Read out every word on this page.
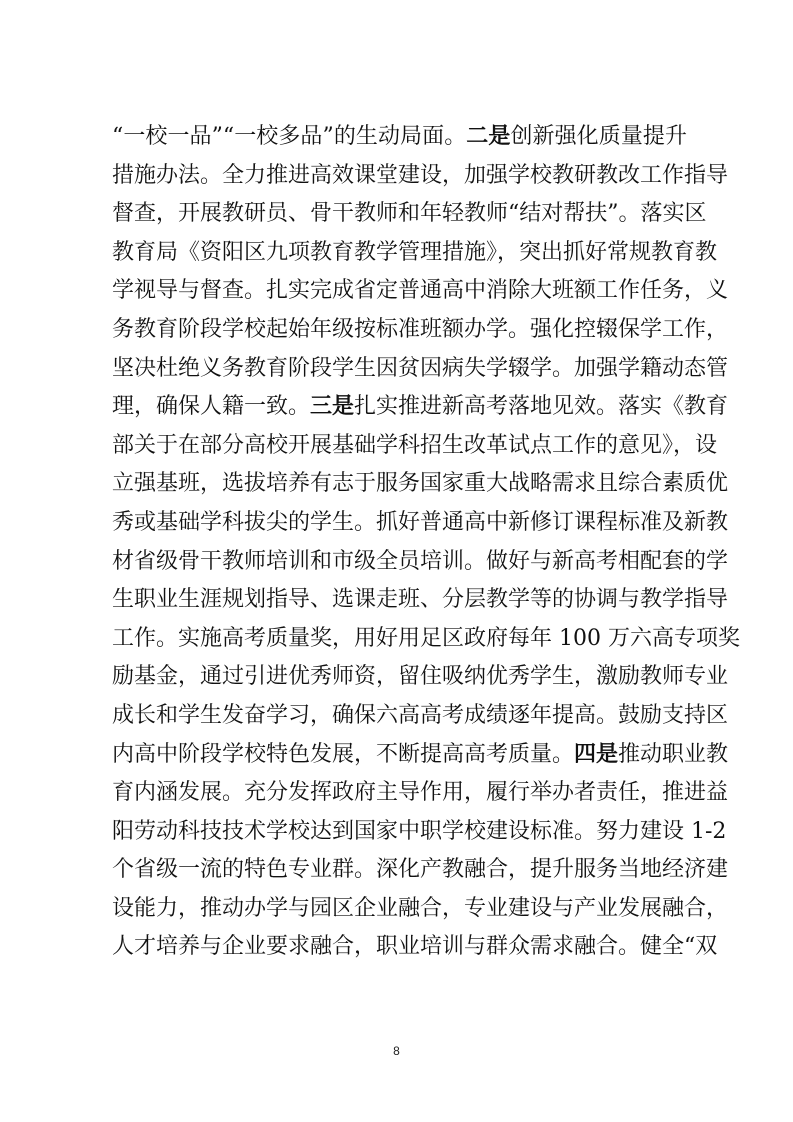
“一校一品”“一校多品”的生动局面。二是创新强化质量提升
措施办法。全力推进高效课堂建设，加强学校教研教改工作指导
督查，开展教研员、骨干教师和年轻教师“结对帮扶”。落实区
教育局《资阳区九项教育教学管理措施》，突出抓好常规教育教
学视导与督查。扎实完成省定普通高中消除大班额工作任务，义
务教育阶段学校起始年级按标准班额办学。强化控辍保学工作，
坚决杜绝义务教育阶段学生因贫因病失学辍学。加强学籍动态管
理，确保人籍一致。三是扎实推进新高考落地见效。落实《教育
部关于在部分高校开展基础学科招生改革试点工作的意见》，设
立强基班，选拔培养有志于服务国家重大战略需求且综合素质优
秀或基础学科拔尖的学生。抓好普通高中新修订课程标准及新教
材省级骨干教师培训和市级全员培训。做好与新高考相配套的学
生职业生涯规划指导、选课走班、分层教学等的协调与教学指导
工作。实施高考质量奖，用好用足区政府每年 100 万六高专项奖
励基金，通过引进优秀师资，留住吸纳优秀学生，激励教师专业
成长和学生发奋学习，确保六高高考成绩逐年提高。鼓励支持区
内高中阶段学校特色发展，不断提高高考质量。四是推动职业教
育内涵发展。充分发挥政府主导作用，履行举办者责任，推进益
阳劳动科技技术学校达到国家中职学校建设标准。努力建设 1-2
个省级一流的特色专业群。深化产教融合，提升服务当地经济建
设能力，推动办学与园区企业融合，专业建设与产业发展融合，
人才培养与企业要求融合，职业培训与群众需求融合。健全“双
8
